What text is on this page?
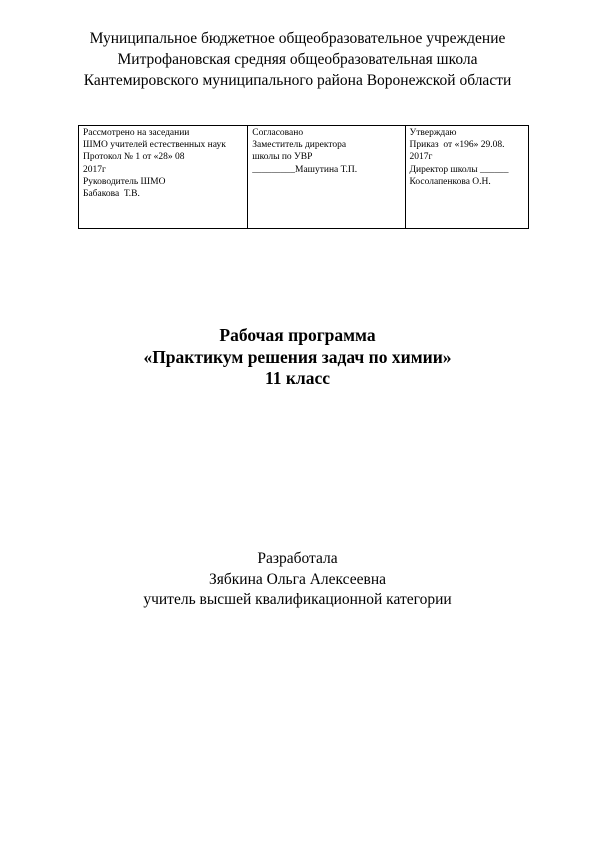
Муниципальное бюджетное общеобразовательное учреждение
Митрофановская средняя общеобразовательная школа
Кантемировского муниципального района Воронежской области
Рассмотрено на заседании
ШМО учителей естественных наук
Протокол № 1 от «28» 08
2017г
Руководитель ШМО
Бабакова  Т.В.
Согласовано
Заместитель директора
школы по УВР
_________Машутина Т.П.
Утверждаю
Приказ  от «196» 29.08.
2017г
Директор школы ______
Косолапенкова О.Н.
Рабочая программа
«Практикум решения задач по химии»
11 класс
Разработала
Зябкина Ольга Алексеевна
учитель высшей квалификационной категории
